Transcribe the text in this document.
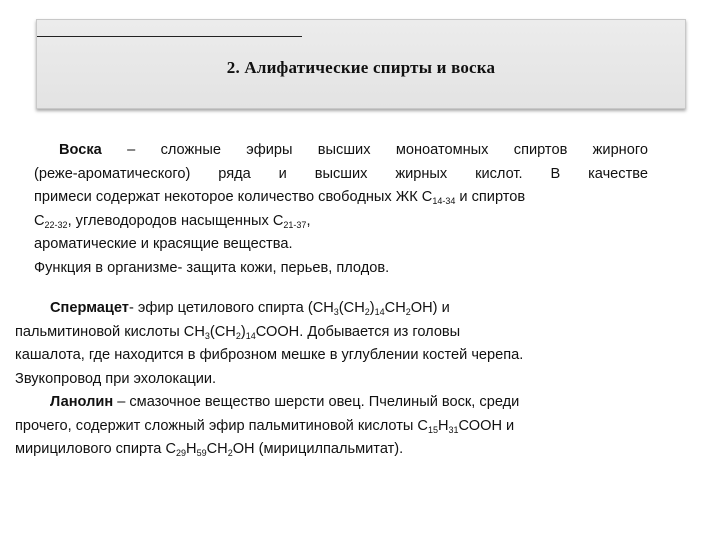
2. Алифатические спирты и воска
Воска – сложные эфиры высших моноатомных спиртов жирного
(реже-ароматического) ряда и высших жирных кислот. В качестве
примеси содержат некоторое количество свободных ЖК $С_{14-34}$ и спиртов
$С_{22-32}$, углеводородов насыщенных $С_{21-37}$,
ароматические и красящие вещества.
Функция в организме- защита кожи, перьев, плодов.
Спермацет- эфир цетилового спирта $(СН_3(СН_2)_{14}СН_2ОН)$ и
пальмитиновой кислоты $СН_3(СН_2)_{14}СООН$. Добывается из головы
кашалота, где находится в фиброзном мешке в углублении костей черепа.
Звукопровод при эхолокации.
Ланолин – смазочное вещество шерсти овец. Пчелиный воск, среди
прочего, содержит сложный эфир пальмитиновой кислоты $С_{15}Н_{31}СООН$ и
мирицилового спирта $С_{29}Н_{59}СН_2ОН$ (мирицилпальмитат).
